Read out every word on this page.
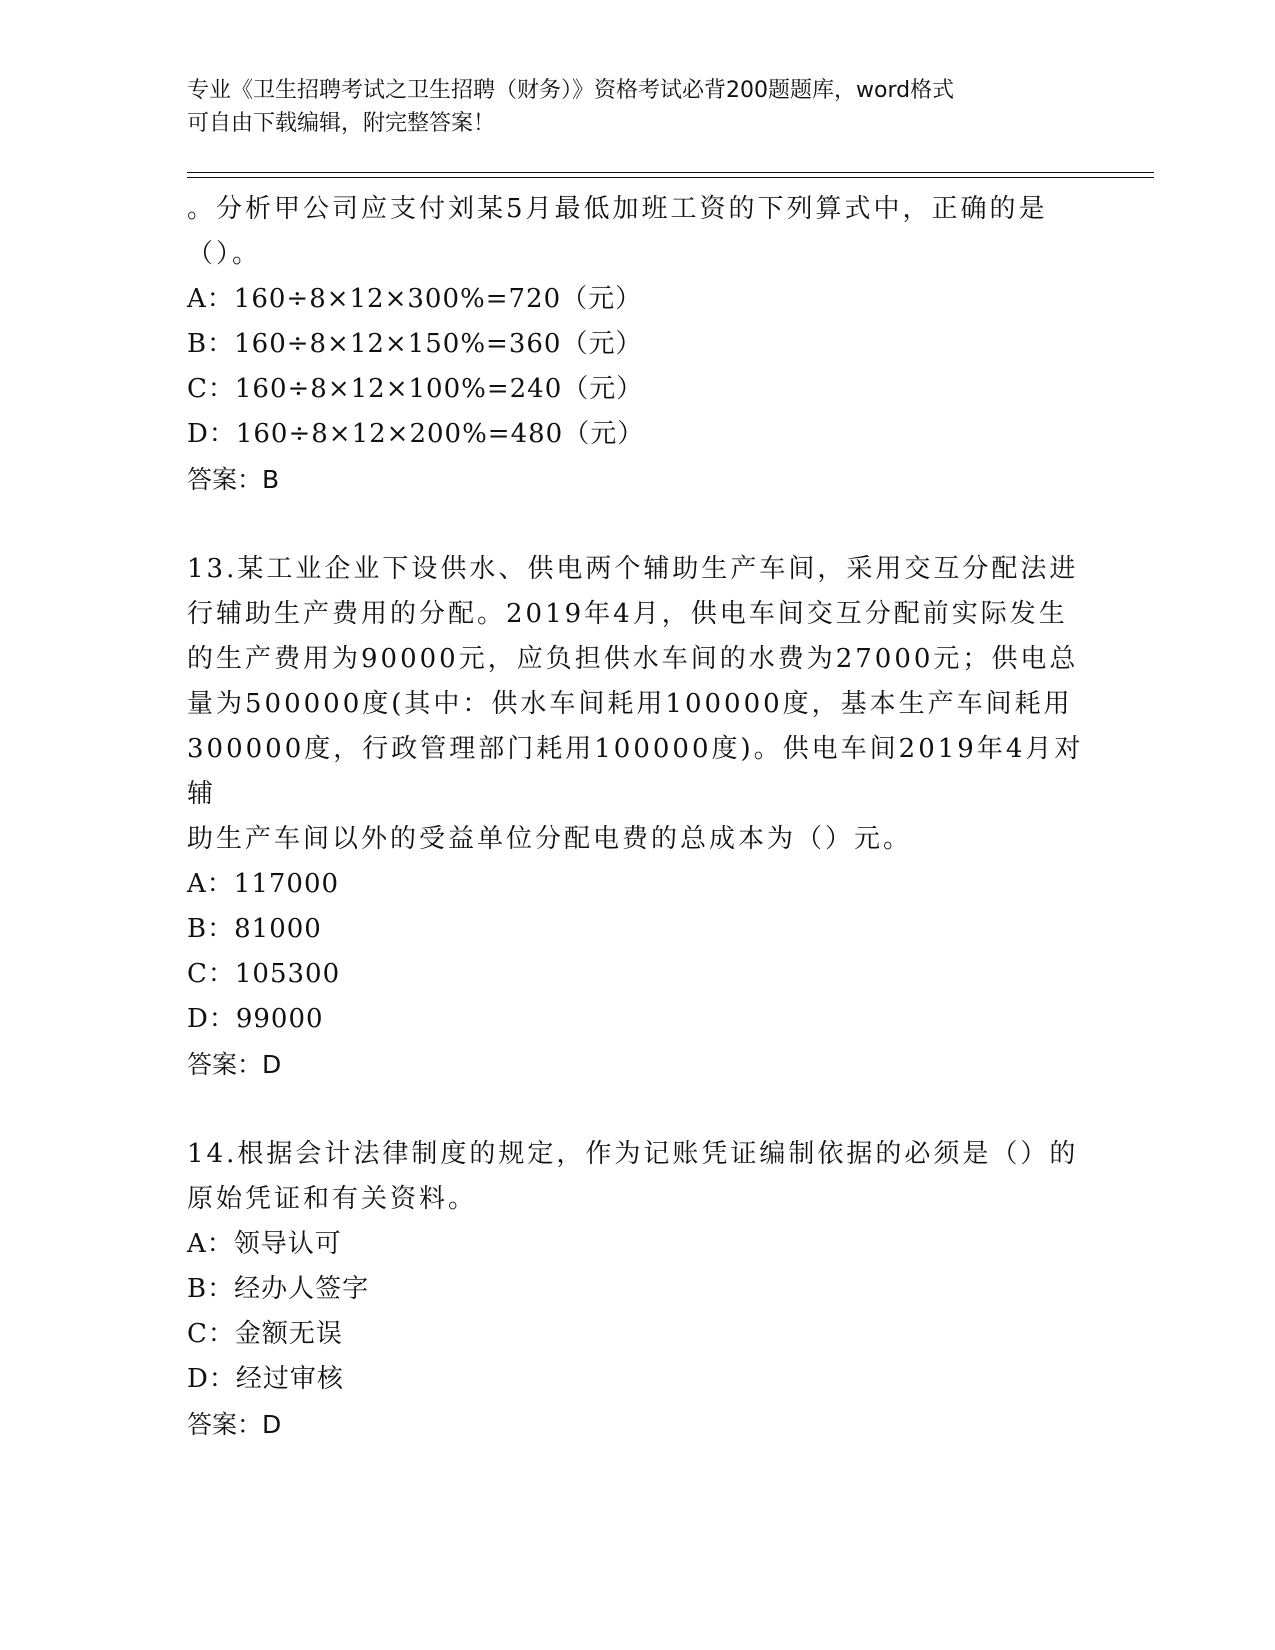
专业《卫生招聘考试之卫生招聘（财务）》资格考试必背200题题库，word格式
可自由下载编辑，附完整答案！
。分析甲公司应支付刘某5月最低加班工资的下列算式中，正确的是
（）。
A：160÷8×12×300%=720（元）
B：160÷8×12×150%=360（元）
C：160÷8×12×100%=240（元）
D：160÷8×12×200%=480（元）
答案：B
13.某工业企业下设供水、供电两个辅助生产车间，采用交互分配法进
行辅助生产费用的分配。2019年4月，供电车间交互分配前实际发生
的生产费用为90000元，应负担供水车间的水费为27000元；供电总
量为500000度(其中：供水车间耗用100000度，基本生产车间耗用
300000度，行政管理部门耗用100000度)。供电车间2019年4月对辅
助生产车间以外的受益单位分配电费的总成本为（）元。
A：117000
B：81000
C：105300
D：99000
答案：D
14.根据会计法律制度的规定，作为记账凭证编制依据的必须是（）的
原始凭证和有关资料。
A：领导认可
B：经办人签字
C：金额无误
D：经过审核
答案：D
